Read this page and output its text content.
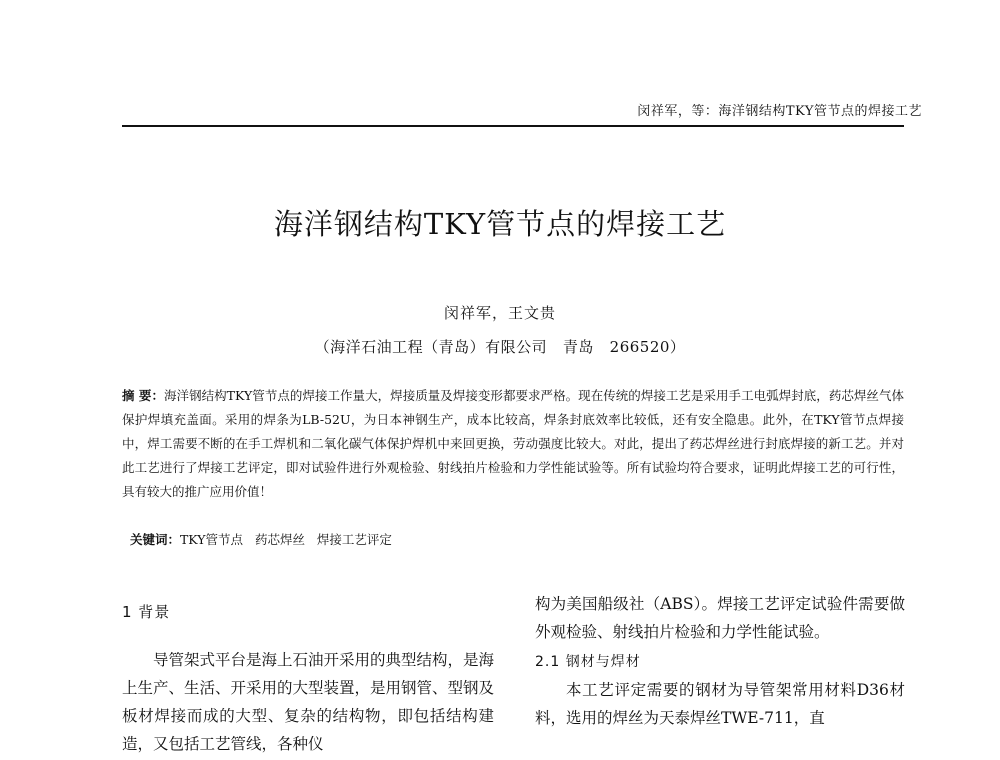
闵祥军，等：海洋钢结构TKY管节点的焊接工艺
海洋钢结构TKY管节点的焊接工艺
闵祥军，王文贵
（海洋石油工程（青岛）有限公司   青岛   266520）
摘 要：海洋钢结构TKY管节点的焊接工作量大，焊接质量及焊接变形都要求严格。现在传统的焊接工艺是采用手工电弧焊封底，药芯焊丝气体保护焊填充盖面。采用的焊条为LB-52U，为日本神钢生产，成本比较高，焊条封底效率比较低，还有安全隐患。此外，在TKY管节点焊接中，焊工需要不断的在手工焊机和二氧化碳气体保护焊机中来回更换，劳动强度比较大。对此，提出了药芯焊丝进行封底焊接的新工艺。并对此工艺进行了焊接工艺评定，即对试验件进行外观检验、射线拍片检验和力学性能试验等。所有试验均符合要求，证明此焊接工艺的可行性，具有较大的推广应用价值！

关键词：TKY管节点   药芯焊丝   焊接工艺评定

1 背景

导管架式平台是海上石油开采用的典型结构，是海上生产、生活、开采用的大型装置，是用钢管、型钢及板材焊接而成的大型、复杂的结构物，即包括结构建造，又包括工艺管线，各种仪

构为美国船级社（ABS）。焊接工艺评定试验件需要做外观检验、射线拍片检验和力学性能试验。

2.1 钢材与焊材

本工艺评定需要的钢材为导管架常用材料D36材料，选用的焊丝为天泰焊丝TWE-711，直
